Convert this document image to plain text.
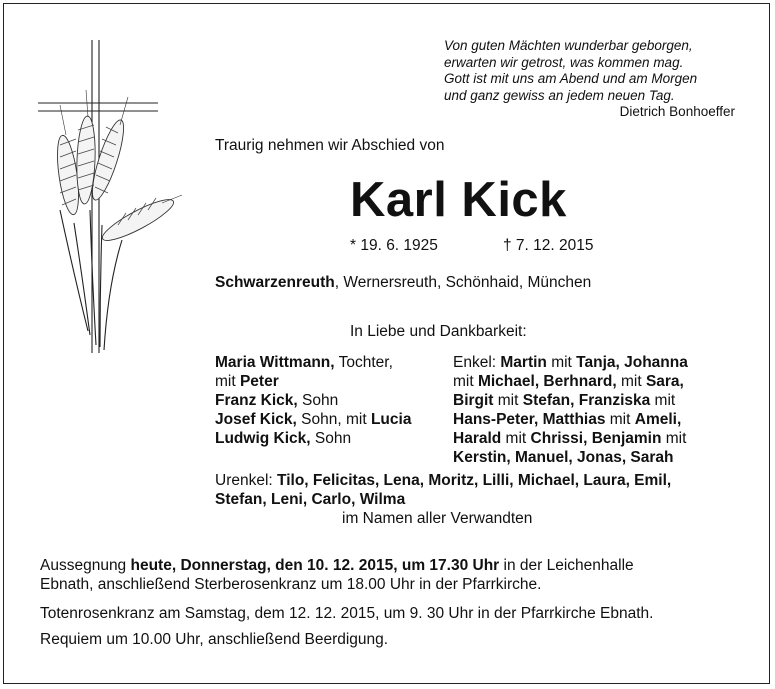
Von guten Mächten wunderbar geborgen,
erwarten wir getrost, was kommen mag.
Gott ist mit uns am Abend und am Morgen
und ganz gewiss an jedem neuen Tag.
Dietrich Bonhoeffer
Traurig nehmen wir Abschied von
Karl Kick
* 19. 6. 1925	† 7. 12. 2015
Schwarzenreuth, Wernersreuth, Schönhaid, München
In Liebe und Dankbarkeit:
Maria Wittmann, Tochter,
mit Peter
Franz Kick, Sohn
Josef Kick, Sohn, mit Lucia
Ludwig Kick, Sohn
Enkel: Martin mit Tanja, Johanna
mit Michael, Berhnard, mit Sara,
Birgit mit Stefan, Franziska mit
Hans-Peter, Matthias mit Ameli,
Harald mit Chrissi, Benjamin mit
Kerstin, Manuel, Jonas, Sarah
Urenkel: Tilo, Felicitas, Lena, Moritz, Lilli, Michael, Laura, Emil,
Stefan, Leni, Carlo, Wilma
im Namen aller Verwandten
Aussegnung heute, Donnerstag, den 10. 12. 2015, um 17.30 Uhr in der Leichenhalle
Ebnath, anschließend Sterberosenkranz um 18.00 Uhr in der Pfarrkirche.
Totenrosenkranz am Samstag, dem 12. 12. 2015, um 9. 30 Uhr in der Pfarrkirche Ebnath.
Requiem um 10.00 Uhr, anschließend Beerdigung.
